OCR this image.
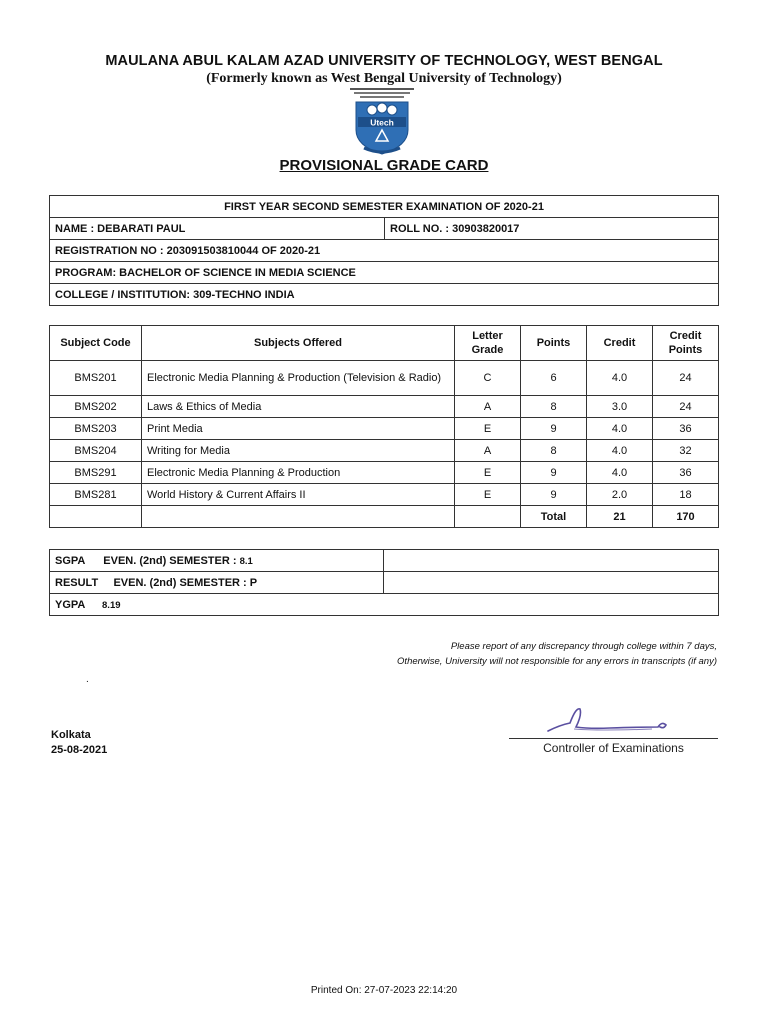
MAULANA ABUL KALAM AZAD UNIVERSITY OF TECHNOLOGY, WEST BENGAL
(Formerly known as West Bengal University of Technology)
Utech
PROVISIONAL GRADE CARD
FIRST YEAR SECOND SEMESTER EXAMINATION OF 2020-21
NAME : DEBARATI PAUL	ROLL NO. : 30903820017
REGISTRATION NO : 203091503810044 OF 2020-21
PROGRAM: BACHELOR OF SCIENCE IN MEDIA SCIENCE
COLLEGE / INSTITUTION: 309-TECHNO INDIA
Subject Code	Subjects Offered	Letter Grade	Points	Credit	Credit Points
BMS201	Electronic Media Planning & Production (Television & Radio)	C	6	4.0	24
BMS202	Laws & Ethics of Media	A	8	3.0	24
BMS203	Print Media	E	9	4.0	36
BMS204	Writing for Media	A	8	4.0	32
BMS291	Electronic Media Planning & Production	E	9	4.0	36
BMS281	World History & Current Affairs II	E	9	2.0	18
			Total	21	170
SGPA      EVEN. (2nd) SEMESTER : 8.1	
RESULT     EVEN. (2nd) SEMESTER : P	
YGPA 8.19	
Please report of any discrepancy through college within 7 days,
Otherwise, University will not responsible for any errors in transcripts (if any)
.
Kolkata
25-08-2021	Controller of Examinations
Printed On: 27-07-2023 22:14:20
